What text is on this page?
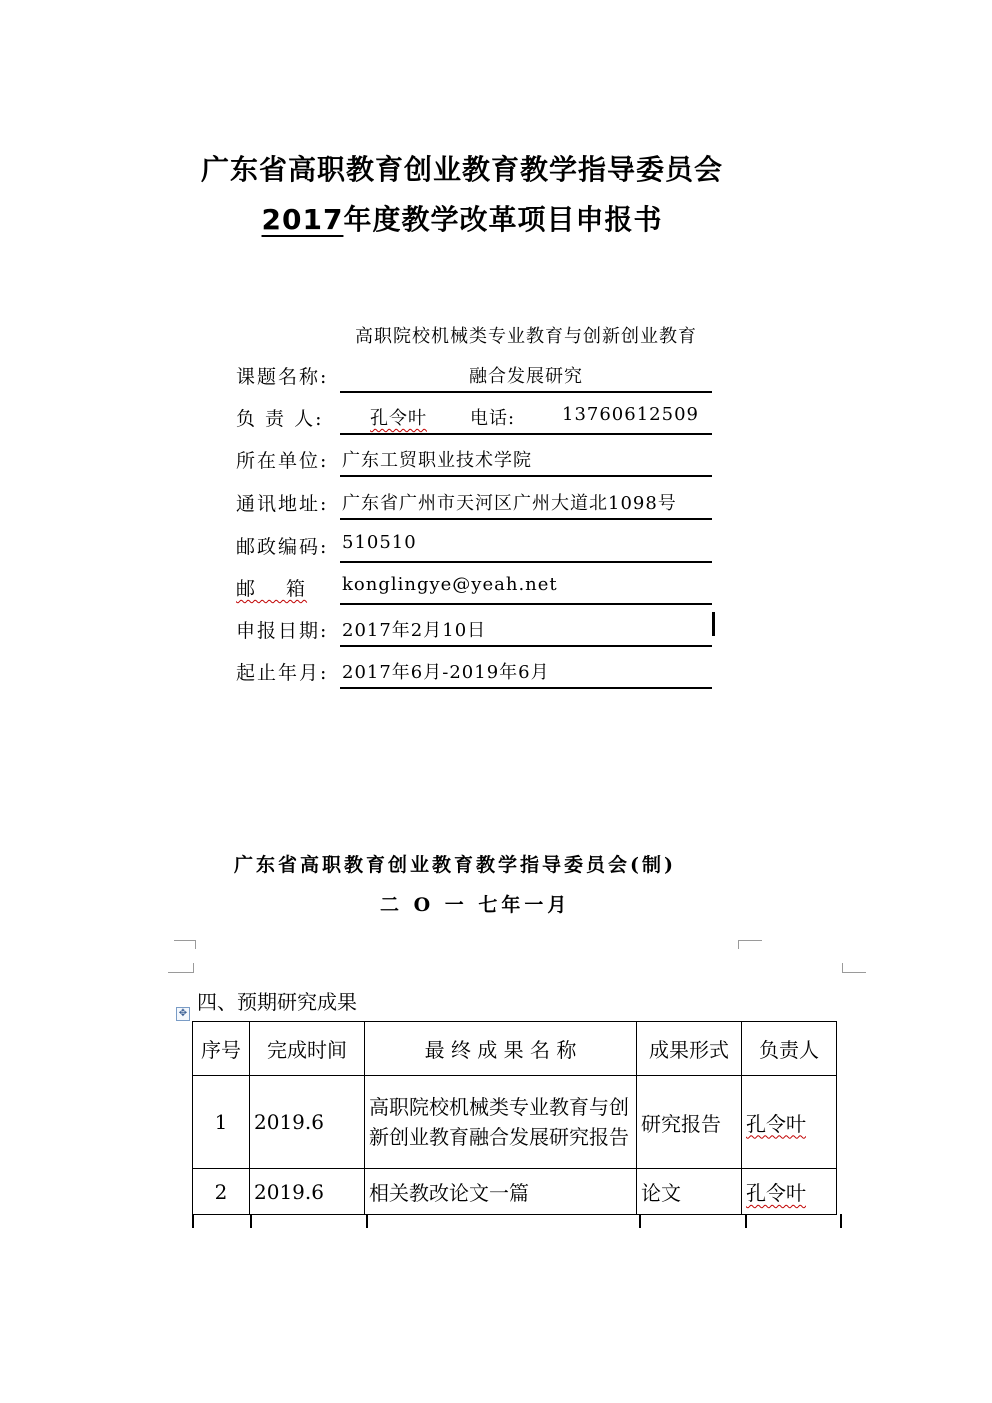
广东省高职教育创业教育教学指导委员会
2017年度教学改革项目申报书
高职院校机械类专业教育与创新创业教育
课题名称:	融合发展研究
负 责 人:	孔令叶 电话:	13760612509
所在单位: 广东工贸职业技术学院
通讯地址: 广东省广州市天河区广州大道北1098号
邮政编码: 510510
邮　 箱 konglingye@yeah.net
申报日期: 2017年2月10日
起止年月: 2017年6月-2019年6月
广东省高职教育创业教育教学指导委员会(制)
二 O 一 七年一月
四、预期研究成果
✥
序号	完成时间	最 终 成 果 名 称	成果形式	负责人
1	2019.6	高职院校机械类专业教育与创新创业教育融合发展研究报告	研究报告	孔令叶
2	2019.6	相关教改论文一篇	论文	孔令叶
